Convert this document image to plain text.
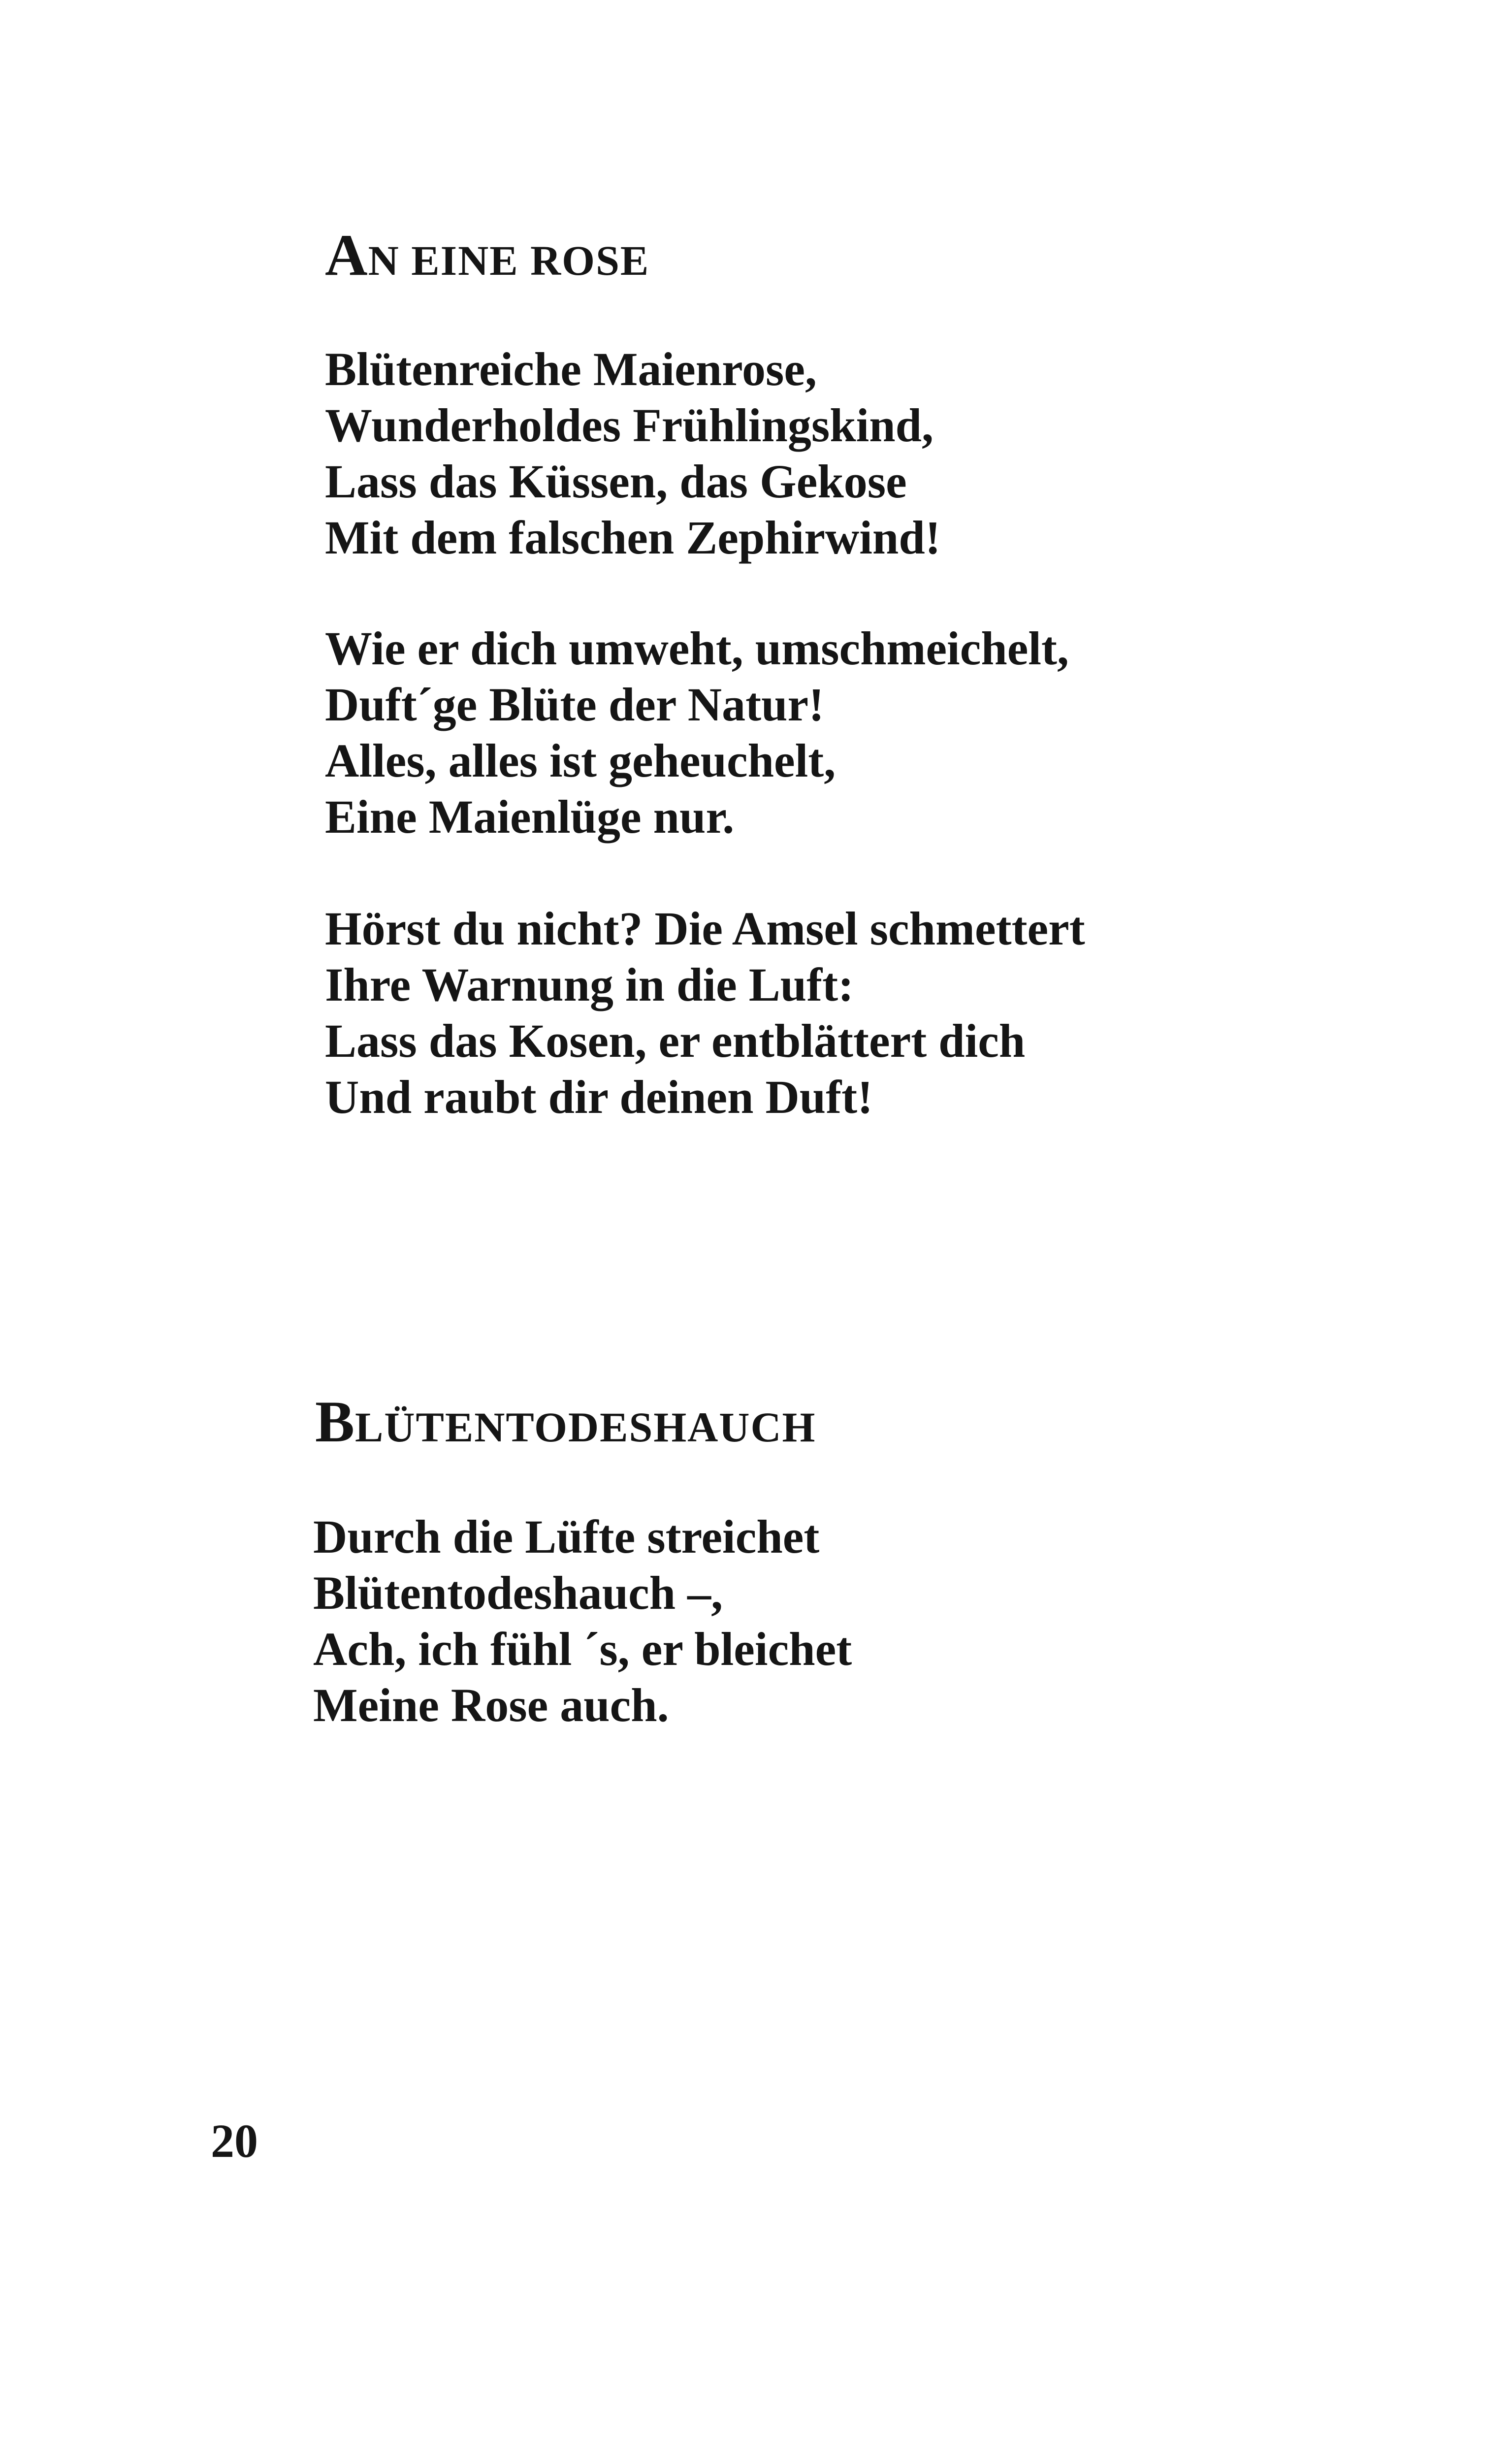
AN EINE ROSE
Blütenreiche Maienrose,
Wunderholdes Frühlingskind,
Lass das Küssen, das Gekose
Mit dem falschen Zephirwind!
Wie er dich umweht, umschmeichelt,
Duft´ge Blüte der Natur!
Alles, alles ist geheuchelt,
Eine Maienlüge nur.
Hörst du nicht? Die Amsel schmettert
Ihre Warnung in die Luft:
Lass das Kosen, er entblättert dich
Und raubt dir deinen Duft!
BLÜTENTODESHAUCH
Durch die Lüfte streichet
Blütentodeshauch –,
Ach, ich fühl ´s, er bleichet
Meine Rose auch.
20
